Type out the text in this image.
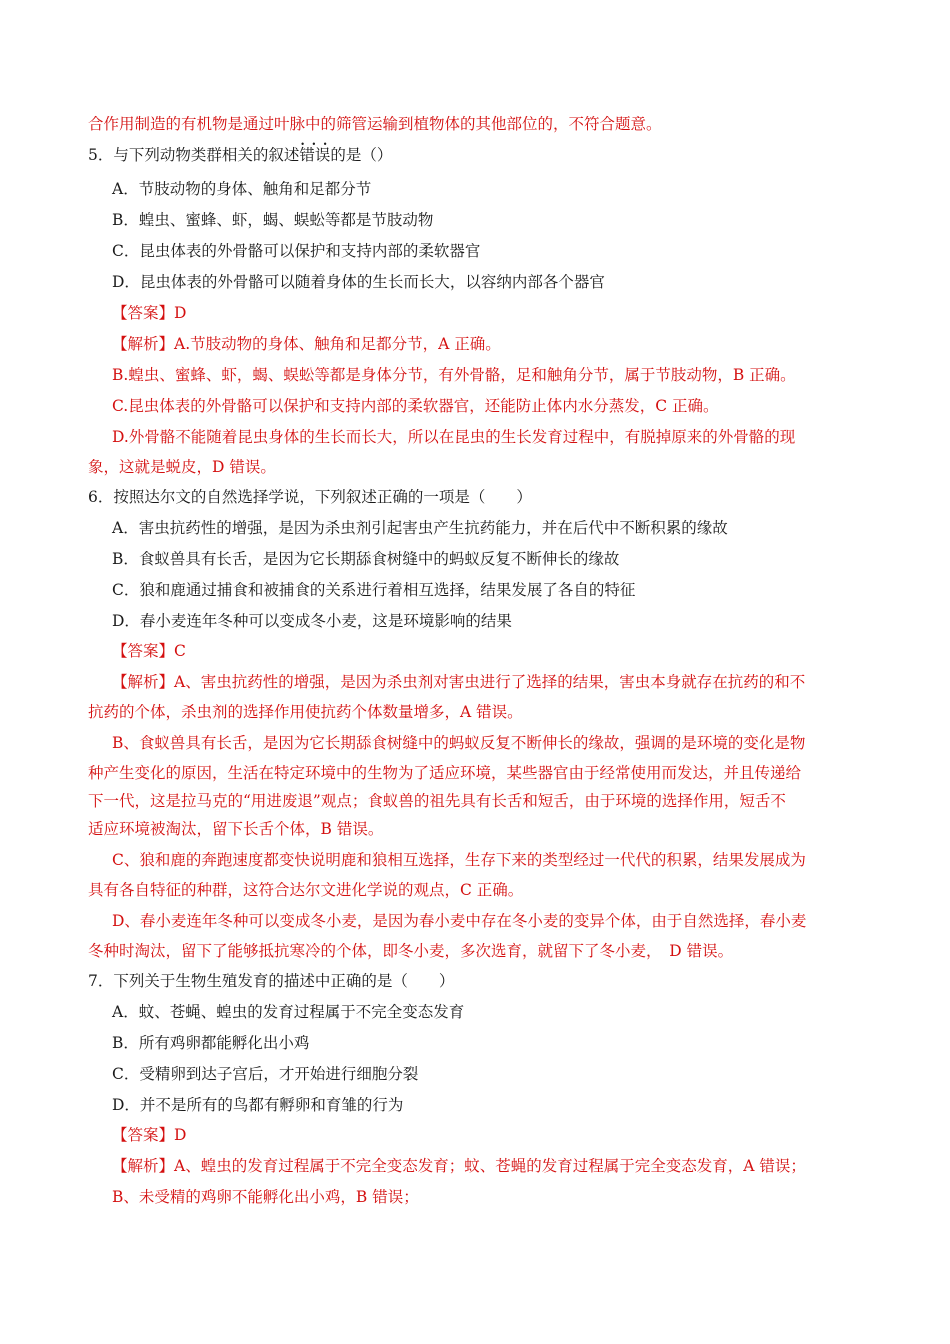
合作用制造的有机物是通过叶脉中的筛管运输到植物体的其他部位的，不符合题意。
5．与下列动物类群相关的叙述• • • 错误的是（）
A．节肢动物的身体、触角和足都分节
B．蝗虫、蜜蜂、虾，蝎、蜈蚣等都是节肢动物
C．昆虫体表的外骨骼可以保护和支持内部的柔软器官
D．昆虫体表的外骨骼可以随着身体的生长而长大，以容纳内部各个器官
【答案】D
【解析】A.节肢动物的身体、触角和足都分节，A 正确。
B.蝗虫、蜜蜂、虾，蝎、蜈蚣等都是身体分节，有外骨骼，足和触角分节，属于节肢动物，B 正确。
C.昆虫体表的外骨骼可以保护和支持内部的柔软器官，还能防止体内水分蒸发，C 正确。
D.外骨骼不能随着昆虫身体的生长而长大，所以在昆虫的生长发育过程中，有脱掉原来的外骨骼的现
象，这就是蜕皮，D 错误。
6．按照达尔文的自然选择学说，下列叙述正确的一项是（　　）
A．害虫抗药性的增强，是因为杀虫剂引起害虫产生抗药能力，并在后代中不断积累的缘故
B．食蚁兽具有长舌，是因为它长期舔食树缝中的蚂蚁反复不断伸长的缘故
C．狼和鹿通过捕食和被捕食的关系进行着相互选择，结果发展了各自的特征
D．春小麦连年冬种可以变成冬小麦，这是环境影响的结果
【答案】C
【解析】A、害虫抗药性的增强，是因为杀虫剂对害虫进行了选择的结果，害虫本身就存在抗药的和不
抗药的个体，杀虫剂的选择作用使抗药个体数量增多，A 错误。
B、食蚁兽具有长舌，是因为它长期舔食树缝中的蚂蚁反复不断伸长的缘故，强调的是环境的变化是物
种产生变化的原因，生活在特定环境中的生物为了适应环境，某些器官由于经常使用而发达，并且传递给
下一代，这是拉马克的“用进废退”观点；食蚁兽的祖先具有长舌和短舌，由于环境的选择作用，短舌不
适应环境被淘汰，留下长舌个体，B 错误。
C、狼和鹿的奔跑速度都变快说明鹿和狼相互选择，生存下来的类型经过一代代的积累，结果发展成为
具有各自特征的种群，这符合达尔文进化学说的观点，C 正确。
D、春小麦连年冬种可以变成冬小麦，是因为春小麦中存在冬小麦的变异个体，由于自然选择，春小麦
冬种时淘汰，留下了能够抵抗寒冷的个体，即冬小麦，多次选育，就留下了冬小麦，　D 错误。
7．下列关于生物生殖发育的描述中正确的是（　　）
A．蚊、苍蝇、蝗虫的发育过程属于不完全变态发育
B．所有鸡卵都能孵化出小鸡
C．受精卵到达子宫后，才开始进行细胞分裂
D．并不是所有的鸟都有孵卵和育雏的行为
【答案】D
【解析】A、蝗虫的发育过程属于不完全变态发育；蚊、苍蝇的发育过程属于完全变态发育，A 错误；
B、未受精的鸡卵不能孵化出小鸡，B 错误；
